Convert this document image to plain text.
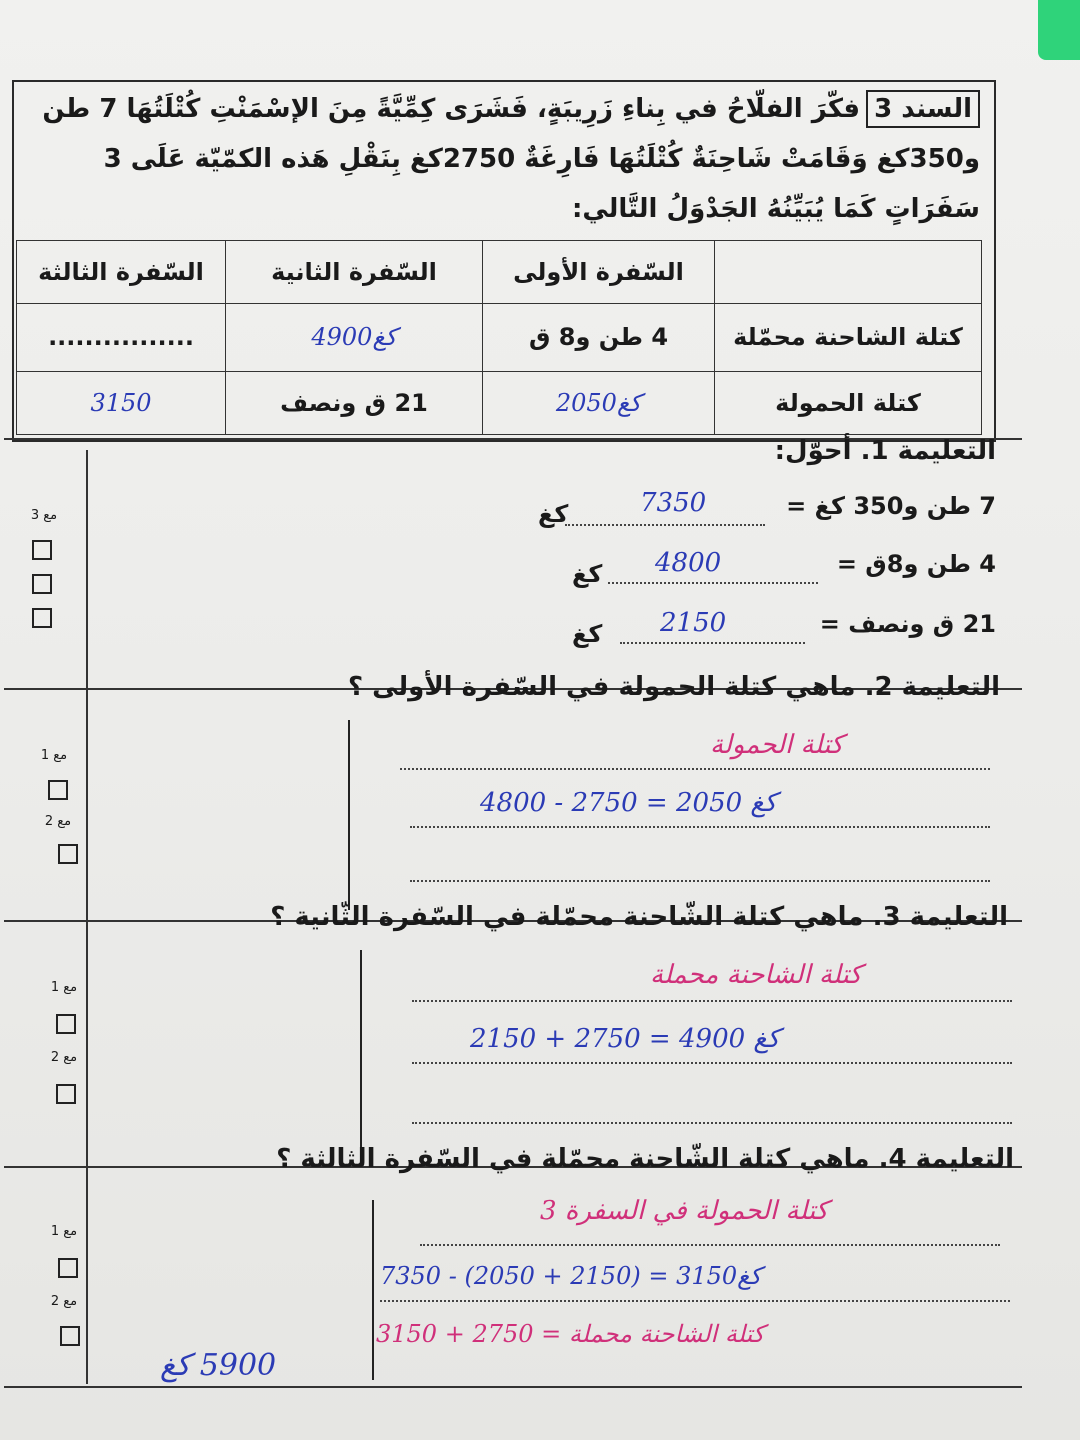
السند 3فكّرَ الفلّاحُ في بِناءِ زَرِيبَةٍ، فَشَرَى كِمِّيَّةً مِنَ الإسْمَنْتِ كُتْلَتُهَا 7 طن و350كغ وَقَامَتْ شَاحِنَةٌ كُتْلَتُهَا فَارِغَةٌ 2750كغ بِنَقْلِ هَذه الكمّيّة عَلَى 3 سَفَرَاتٍ كَمَا يُبَيِّنُهُ الجَدْوَلُ التَّالي:
	السّفرة الأولى	السّفرة الثانية	السّفرة الثالثة
كتلة الشاحنة محمّلة	4 طن و8 ق	كغ4900	................
كتلة الحمولة	كغ2050	21 ق ونصف	3150
التعليمة 1. أحوّل:
مع 3	7 طن و350 كغ =
7350
كغ
4 طن و8ق =
4800
كغ
21 ق ونصف =
2150
كغ
التعليمة 2. ماهي كتلة الحمولة في السّفرة الأولى ؟
مع 1
مع 2
كتلة الحمولة
كغ 2050 = 2750 - 4800
التعليمة 3. ماهي كتلة الشّاحنة محمّلة في السّفرة الثّانية ؟
مع 1
مع 2
كتلة الشاحنة محملة
كغ 4900 = 2750 + 2150
التعليمة 4. ماهي كتلة الشّاحنة محمّلة في السّفرة الثالثة ؟
مع 1
مع 2
كتلة الحمولة في السفرة 3
كغ3150 = (2150 + 2050) - 7350
كتلة الشاحنة محملة = 2750 + 3150
5900 كغ
